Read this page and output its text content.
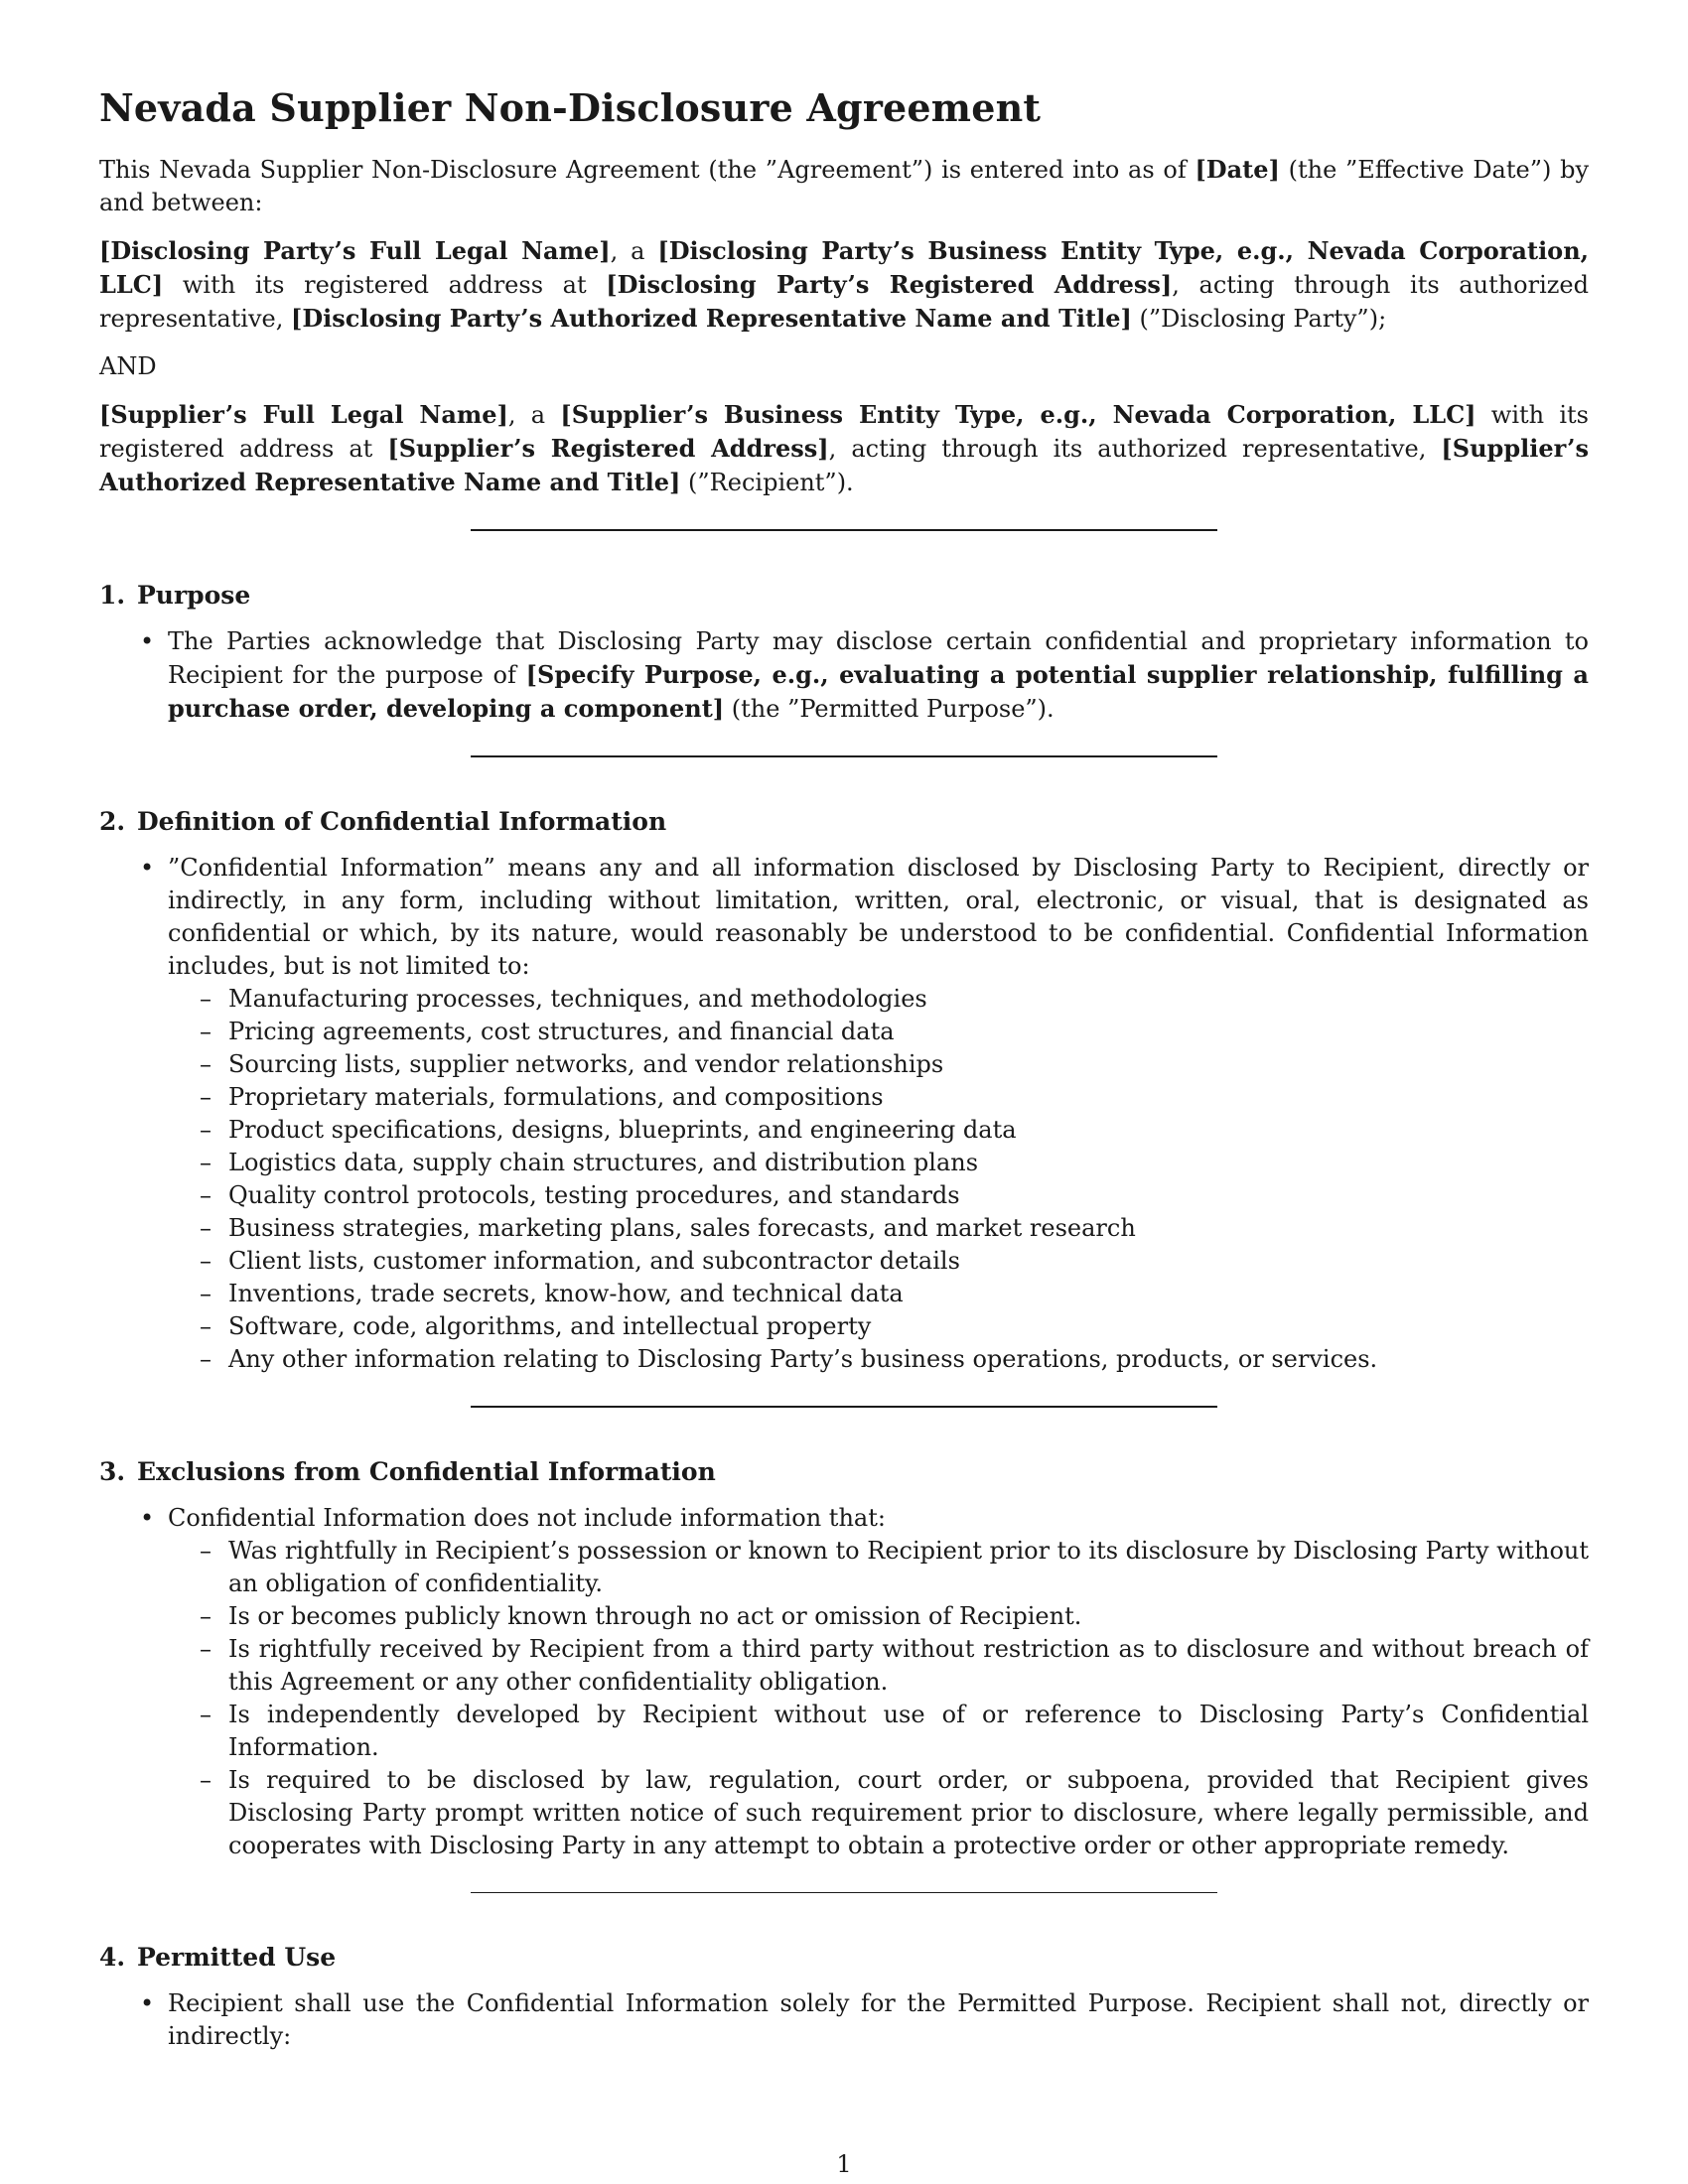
Nevada Supplier Non-Disclosure Agreement

This Nevada Supplier Non-Disclosure Agreement (the ”Agreement”) is entered into as of [Date] (the ”Effective Date”) by and between:

[Disclosing Party’s Full Legal Name], a [Disclosing Party’s Business Entity Type, e.g., Nevada Corporation, LLC] with its registered address at [Disclosing Party’s Registered Address], acting through its authorized representative, [Disclosing Party’s Authorized Representative Name and Title] (”Disclosing Party”);

AND

[Supplier’s Full Legal Name], a [Supplier’s Business Entity Type, e.g., Nevada Corporation, LLC] with its registered address at [Supplier’s Registered Address], acting through its authorized representative, [Supplier’s Authorized Representative Name and Title] (”Recipient”).

1. Purpose
• The Parties acknowledge that Disclosing Party may disclose certain confidential and proprietary information to Recipient for the purpose of [Specify Purpose, e.g., evaluating a potential supplier relationship, fulfilling a purchase order, developing a component] (the ”Permitted Purpose”).
2. Definition of Confidential Information
• ”Confidential Information” means any and all information disclosed by Disclosing Party to Recipient, directly or indirectly, in any form, including without limitation, written, oral, electronic, or visual, that is designated as confidential or which, by its nature, would reasonably be understood to be confidential. Confidential Information includes, but is not limited to:
– Manufacturing processes, techniques, and methodologies
– Pricing agreements, cost structures, and financial data
– Sourcing lists, supplier networks, and vendor relationships
– Proprietary materials, formulations, and compositions
– Product specifications, designs, blueprints, and engineering data
– Logistics data, supply chain structures, and distribution plans
– Quality control protocols, testing procedures, and standards
– Business strategies, marketing plans, sales forecasts, and market research
– Client lists, customer information, and subcontractor details
– Inventions, trade secrets, know-how, and technical data
– Software, code, algorithms, and intellectual property
– Any other information relating to Disclosing Party’s business operations, products, or services.
3. Exclusions from Confidential Information
• Confidential Information does not include information that:
– Was rightfully in Recipient’s possession or known to Recipient prior to its disclosure by Disclosing Party without an obligation of confidentiality.
– Is or becomes publicly known through no act or omission of Recipient.
– Is rightfully received by Recipient from a third party without restriction as to disclosure and without breach of this Agreement or any other confidentiality obligation.
– Is independently developed by Recipient without use of or reference to Disclosing Party’s Confidential Information.
– Is required to be disclosed by law, regulation, court order, or subpoena, provided that Recipient gives Disclosing Party prompt written notice of such requirement prior to disclosure, where legally permissible, and cooperates with Disclosing Party in any attempt to obtain a protective order or other appropriate remedy.
4. Permitted Use
• Recipient shall use the Confidential Information solely for the Permitted Purpose. Recipient shall not, directly or indirectly:
1
